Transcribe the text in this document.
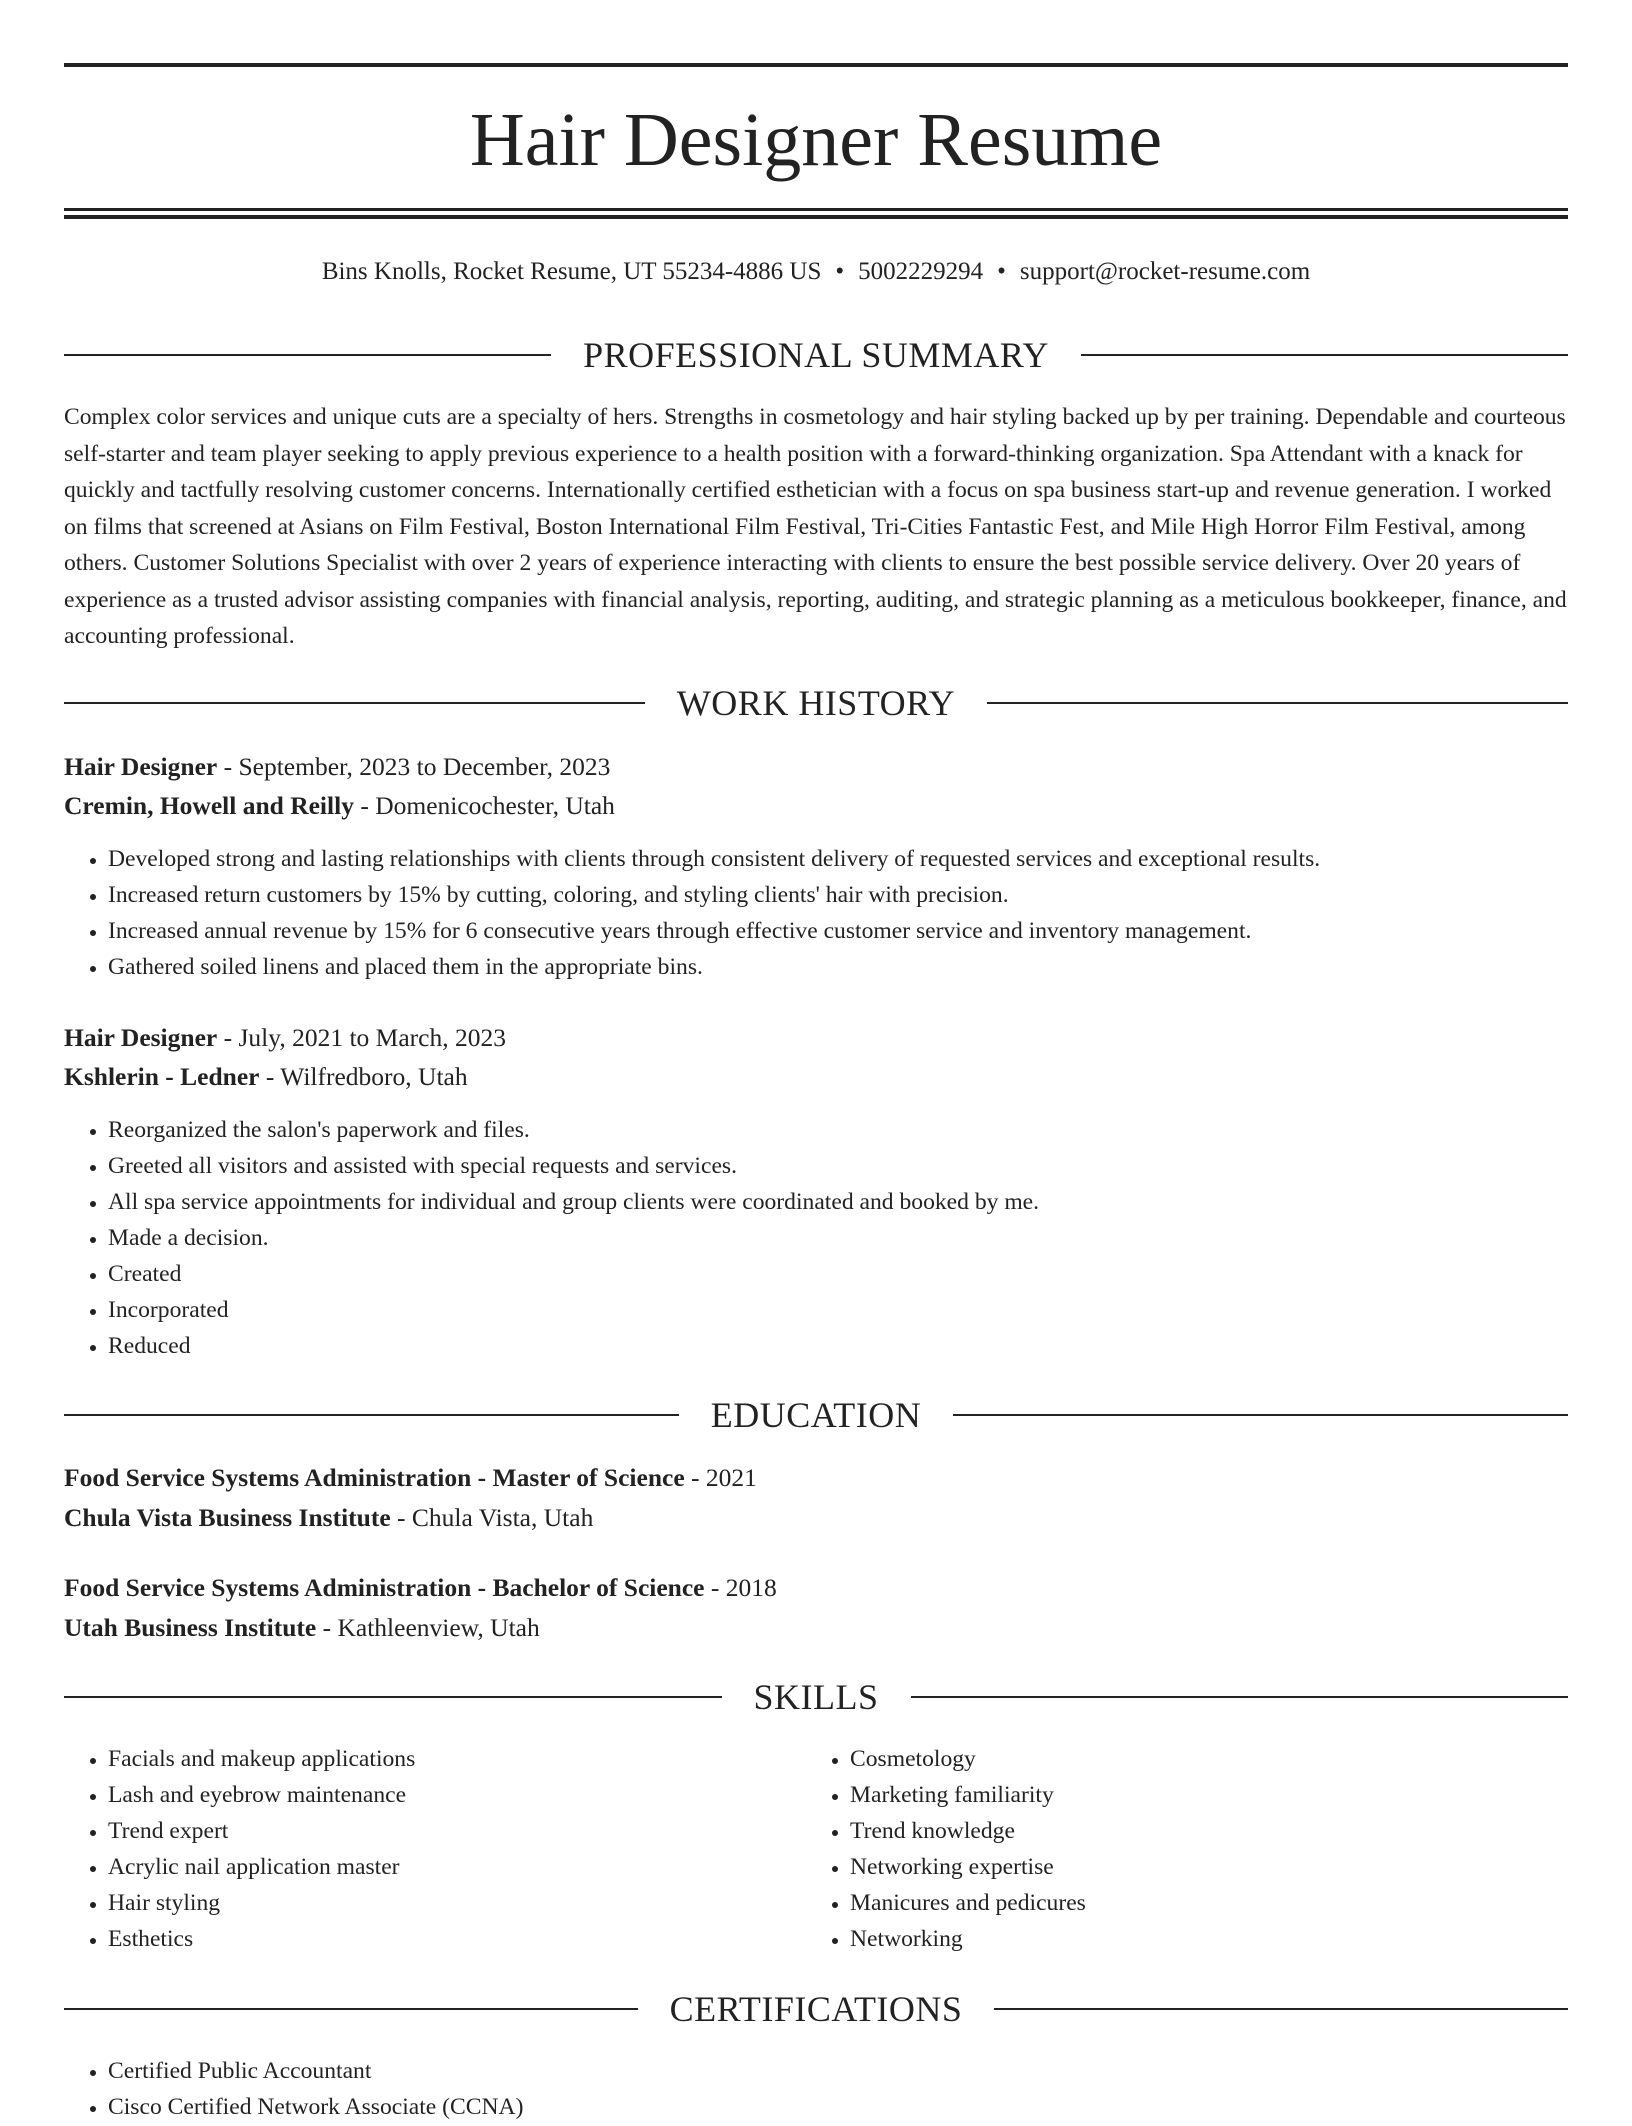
Hair Designer Resume
Bins Knolls, Rocket Resume, UT 55234-4886 US • 5002229294 • support@rocket-resume.com
PROFESSIONAL SUMMARY

Complex color services and unique cuts are a specialty of hers. Strengths in cosmetology and hair styling backed up by per training. Dependable and courteous self-starter and team player seeking to apply previous experience to a health position with a forward-thinking organization. Spa Attendant with a knack for quickly and tactfully resolving customer concerns. Internationally certified esthetician with a focus on spa business start-up and revenue generation. I worked on films that screened at Asians on Film Festival, Boston International Film Festival, Tri-Cities Fantastic Fest, and Mile High Horror Film Festival, among others. Customer Solutions Specialist with over 2 years of experience interacting with clients to ensure the best possible service delivery. Over 20 years of experience as a trusted advisor assisting companies with financial analysis, reporting, auditing, and strategic planning as a meticulous bookkeeper, finance, and accounting professional.

WORK HISTORY
Hair Designer - September, 2023 to December, 2023
Cremin, Howell and Reilly - Domenicochester, Utah
• Developed strong and lasting relationships with clients through consistent delivery of requested services and exceptional results.
• Increased return customers by 15% by cutting, coloring, and styling clients' hair with precision.
• Increased annual revenue by 15% for 6 consecutive years through effective customer service and inventory management.
• Gathered soiled linens and placed them in the appropriate bins.
Hair Designer - July, 2021 to March, 2023
Kshlerin - Ledner - Wilfredboro, Utah
• Reorganized the salon's paperwork and files.
• Greeted all visitors and assisted with special requests and services.
• All spa service appointments for individual and group clients were coordinated and booked by me.
• Made a decision.
• Created
• Incorporated
• Reduced
EDUCATION
Food Service Systems Administration - Master of Science - 2021
Chula Vista Business Institute - Chula Vista, Utah
Food Service Systems Administration - Bachelor of Science - 2018
Utah Business Institute - Kathleenview, Utah
SKILLS
• Facials and makeup applications
• Lash and eyebrow maintenance
• Trend expert
• Acrylic nail application master
• Hair styling
• Esthetics
• Cosmetology
• Marketing familiarity
• Trend knowledge
• Networking expertise
• Manicures and pedicures
• Networking
CERTIFICATIONS
• Certified Public Accountant
• Cisco Certified Network Associate (CCNA)
